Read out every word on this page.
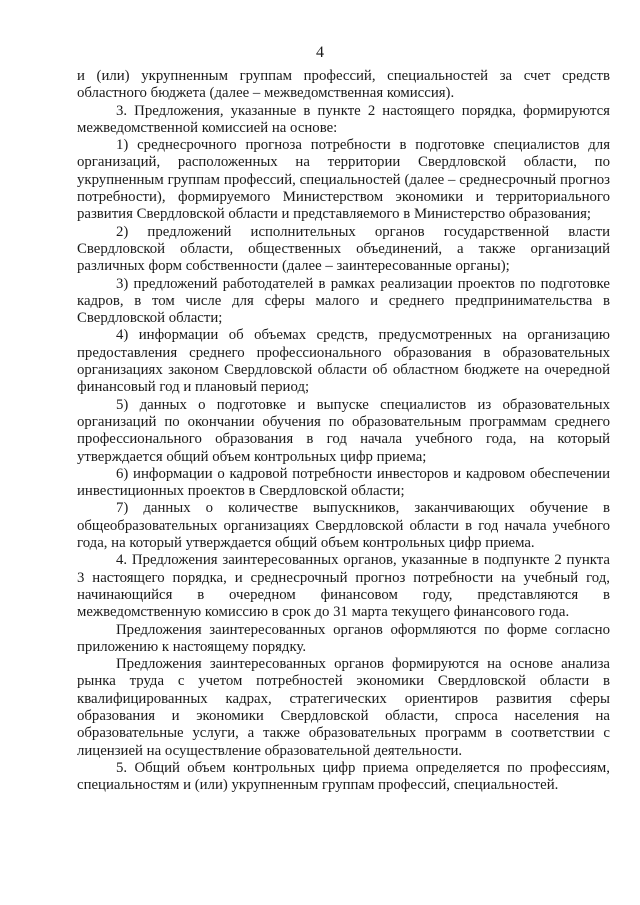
4

и (или) укрупненным группам профессий, специальностей за счет средств областного бюджета (далее – межведомственная комиссия).

3. Предложения, указанные в пункте 2 настоящего порядка, формируются межведомственной комиссией на основе:

1) среднесрочного прогноза потребности в подготовке специалистов для организаций, расположенных на территории Свердловской области, по укрупненным группам профессий, специальностей (далее – среднесрочный прогноз потребности), формируемого Министерством экономики и территориального развития Свердловской области и представляемого в Министерство образования;

2) предложений исполнительных органов государственной власти Свердловской области, общественных объединений, а также организаций различных форм собственности (далее – заинтересованные органы);

3) предложений работодателей в рамках реализации проектов по подготовке кадров, в том числе для сферы малого и среднего предпринимательства в Свердловской области;

4) информации об объемах средств, предусмотренных на организацию предоставления среднего профессионального образования в образовательных организациях законом Свердловской области об областном бюджете на очередной финансовый год и плановый период;

5) данных о подготовке и выпуске специалистов из образовательных организаций по окончании обучения по образовательным программам среднего профессионального образования в год начала учебного года, на который утверждается общий объем контрольных цифр приема;

6) информации о кадровой потребности инвесторов и кадровом обеспечении инвестиционных проектов в Свердловской области;

7) данных о количестве выпускников, заканчивающих обучение в общеобразовательных организациях Свердловской области в год начала учебного года, на который утверждается общий объем контрольных цифр приема.

4. Предложения заинтересованных органов, указанные в подпункте 2 пункта 3 настоящего порядка, и среднесрочный прогноз потребности на учебный год, начинающийся в очередном финансовом году, представляются в межведомственную комиссию в срок до 31 марта текущего финансового года.

Предложения заинтересованных органов оформляются по форме согласно приложению к настоящему порядку.

Предложения заинтересованных органов формируются на основе анализа рынка труда с учетом потребностей экономики Свердловской области в квалифицированных кадрах, стратегических ориентиров развития сферы образования и экономики Свердловской области, спроса населения на образовательные услуги, а также образовательных программ в соответствии с лицензией на осуществление образовательной деятельности.

5. Общий объем контрольных цифр приема определяется по профессиям, специальностям и (или) укрупненным группам профессий, специальностей.
